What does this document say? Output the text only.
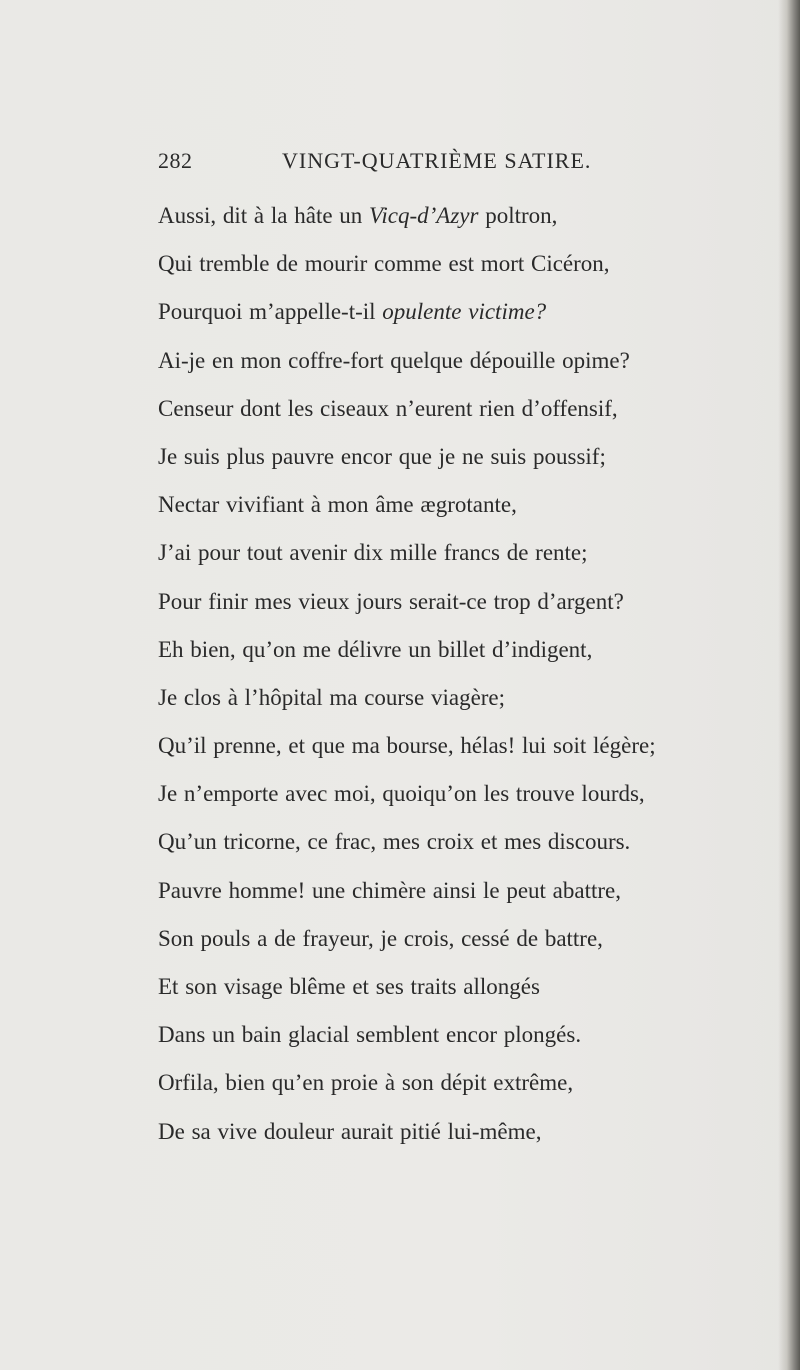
282	VINGT-QUATRIÈME SATIRE.
Aussi, dit à la hâte un Vicq-d’Azyr poltron,
Qui tremble de mourir comme est mort Cicéron,
Pourquoi m’appelle-t-il opulente victime?
Ai-je en mon coffre-fort quelque dépouille opime?
Censeur dont les ciseaux n’eurent rien d’offensif,
Je suis plus pauvre encor que je ne suis poussif;
Nectar vivifiant à mon âme ægrotante,
J’ai pour tout avenir dix mille francs de rente;
Pour finir mes vieux jours serait-ce trop d’argent?
Eh bien, qu’on me délivre un billet d’indigent,
Je clos à l’hôpital ma course viagère;
Qu’il prenne, et que ma bourse, hélas! lui soit légère;
Je n’emporte avec moi, quoiqu’on les trouve lourds,
Qu’un tricorne, ce frac, mes croix et mes discours.
Pauvre homme! une chimère ainsi le peut abattre,
Son pouls a de frayeur, je crois, cessé de battre,
Et son visage blême et ses traits allongés
Dans un bain glacial semblent encor plongés.
Orfila, bien qu’en proie à son dépit extrême,
De sa vive douleur aurait pitié lui-même,
